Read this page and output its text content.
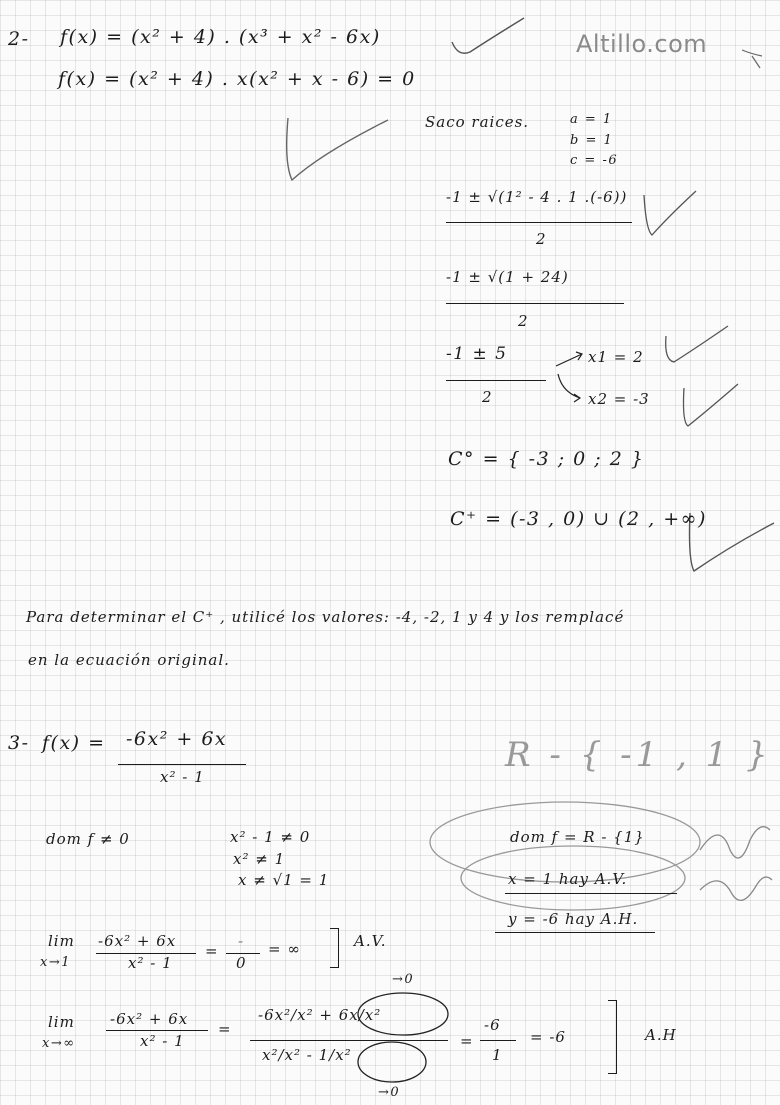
Altillo.com
2- f(x) = (x² + 4) . (x³ + x² - 6x)
f(x) = (x² + 4) . x(x² + x - 6) = 0
Saco raices.	a = 1
b = 1
c = -6
-1 ± √(1² - 4 . 1 .(-6))
2
-1 ± √(1 + 24)
2
-1 ± 5
2
x1 = 2
x2 = -3
C° = { -3 ; 0 ; 2 }
C⁺ = (-3 , 0) ∪ (2 , +∞)
Para determinar el C⁺ , utilicé los valores: -4, -2, 1 y 4 y los remplacé
en la ecuación original.
3- f(x) = -6x² + 6x
x² - 1
R - { -1 , 1 }
dom f ≠ 0	x² - 1 ≠ 0
x² ≠ 1
x ≠ √1 = 1
dom f = R - {1}
x = 1 hay A.V.
y = -6 hay A.H.
lim
x→1
-6x² + 6x
x² - 1
=
-
0
= ∞	A.V.
lim
x→∞
-6x² + 6x
x² - 1
=
→0
-6x²/x² + 6x/x²
x²/x² - 1/x²
→0
=
-6
1
= -6	A.H
